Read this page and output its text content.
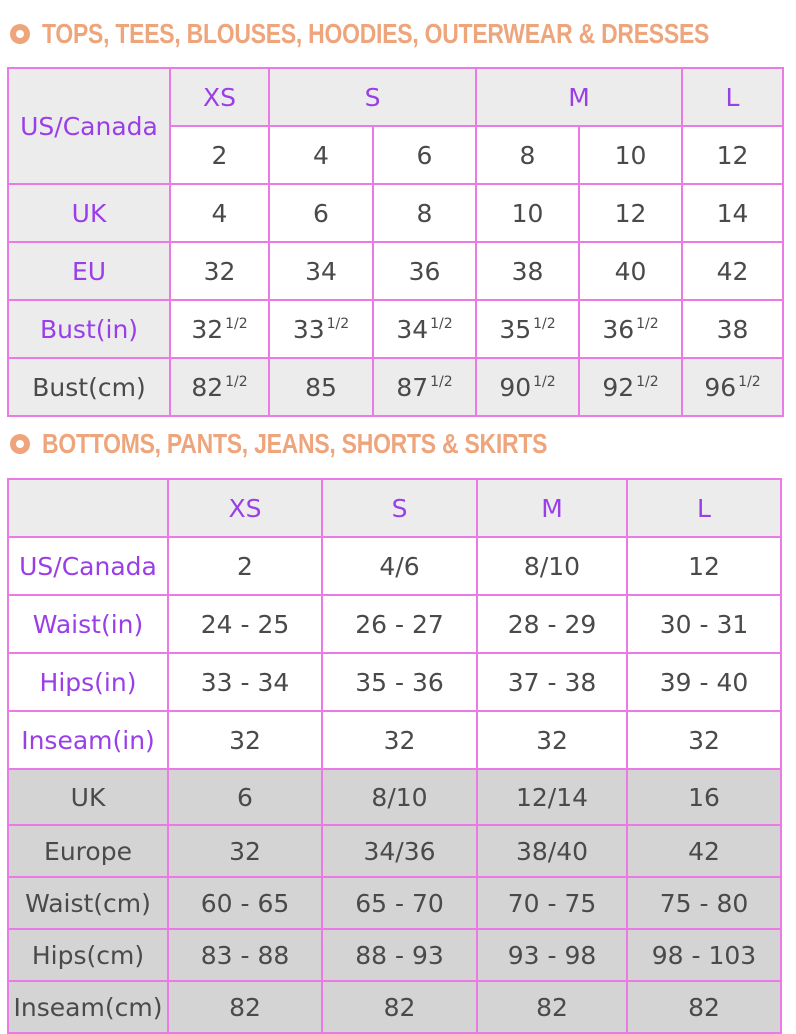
TOPS, TEES, BLOUSES, HOODIES, OUTERWEAR & DRESSES
US/Canada	XS	S		M		L
	2	4	6	8	10	12
UK	4	6	8	10	12	14
EU	32	34	36	38	40	42
Bust(in)	32 $^{1/2}$	33 $^{1/2}$	34 $^{1/2}$	35 $^{1/2}$	36 $^{1/2}$	38
Bust(cm)	82 $^{1/2}$	85	87 $^{1/2}$	90 $^{1/2}$	92 $^{1/2}$	96 $^{1/2}$
BOTTOMS, PANTS, JEANS, SHORTS & SKIRTS
	XS	S	M	L
US/Canada	2	4/6	8/10	12
Waist(in)	24 - 25	26 - 27	28 - 29	30 - 31
Hips(in)	33 - 34	35 - 36	37 - 38	39 - 40
Inseam(in)	32	32	32	32
UK	6	8/10	12/14	16
Europe	32	34/36	38/40	42
Waist(cm)	60 - 65	65 - 70	70 - 75	75 - 80
Hips(cm)	83 - 88	88 - 93	93 - 98	98 - 103
Inseam(cm)	82	82	82	82
